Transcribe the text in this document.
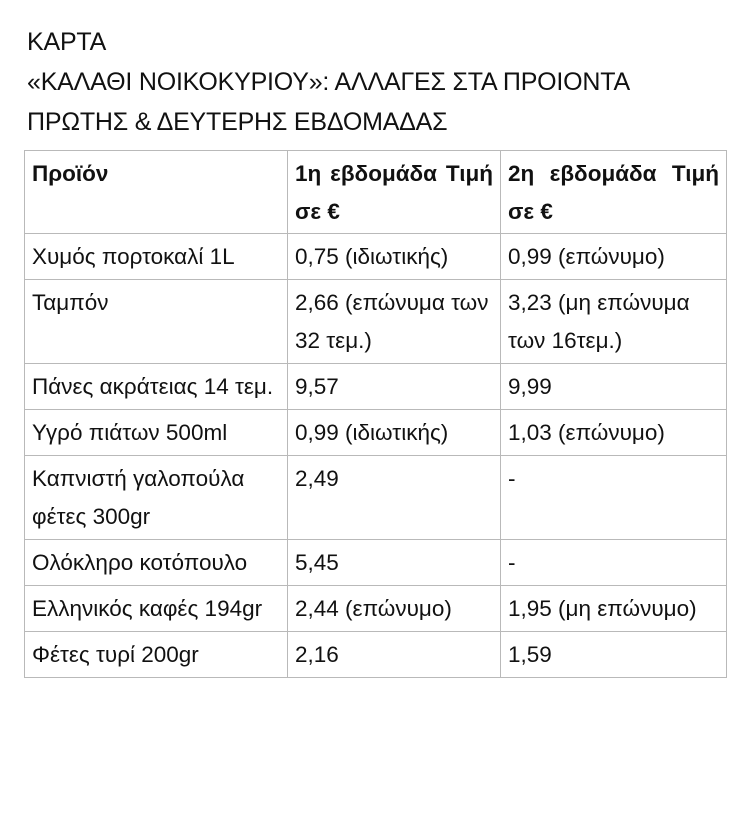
ΚΑΡΤΑ
«ΚΑΛΑΘΙ ΝΟΙΚΟΚΥΡΙΟΥ»: ΑΛΛΑΓΕΣ ΣΤΑ ΠΡΟΙΟΝΤΑ
ΠΡΩΤΗΣ & ΔΕΥΤΕΡΗΣ ΕΒΔΟΜΑΔΑΣ
Προϊόν	1η εβδομάδα Τιμή σε €	2η εβδομάδα Τιμή σε €
Χυμός πορτοκαλί 1L	0,75 (ιδιωτικής)	0,99 (επώνυμο)
Ταμπόν	2,66 (επώνυμα των 32 τεμ.)	3,23 (μη επώνυμα των 16τεμ.)
Πάνες ακράτειας 14 τεμ.	9,57	9,99
Υγρό πιάτων 500ml	0,99 (ιδιωτικής)	1,03 (επώνυμο)
Καπνιστή γαλοπούλα φέτες 300gr	2,49	-
Ολόκληρο κοτόπουλο	5,45	-
Ελληνικός καφές 194gr	2,44 (επώνυμο)	1,95 (μη επώνυμο)
Φέτες τυρί 200gr	2,16	1,59
